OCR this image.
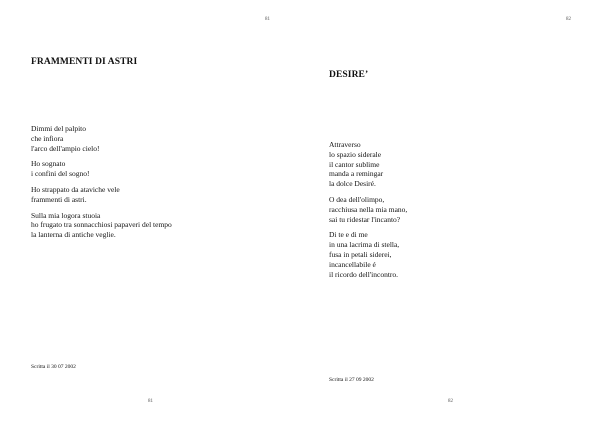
81
FRAMMENTI DI ASTRI
Dimmi del palpito
che infiora
l'arco dell'ampio cielo!
Ho sognato
i confini del sogno!
Ho strappato da ataviche vele
frammenti di astri.
Sulla mia logora stuoia
ho frugato tra sonnacchiosi papaveri del tempo
la lanterna di antiche veglie.
Scritta il 30 07 2002
81
82
DESIRE’
Attraverso
lo spazio siderale
il cantor sublime
manda a remingar
la dolce Desiré.
O dea dell'olimpo,
racchiusa nella mia mano,
sai tu ridestar l'incanto?
Di te e di me
in una lacrima di stella,
fusa in petali siderei,
incancellabile é
il ricordo dell'incontro.
Scritta il 27 09 2002
82
